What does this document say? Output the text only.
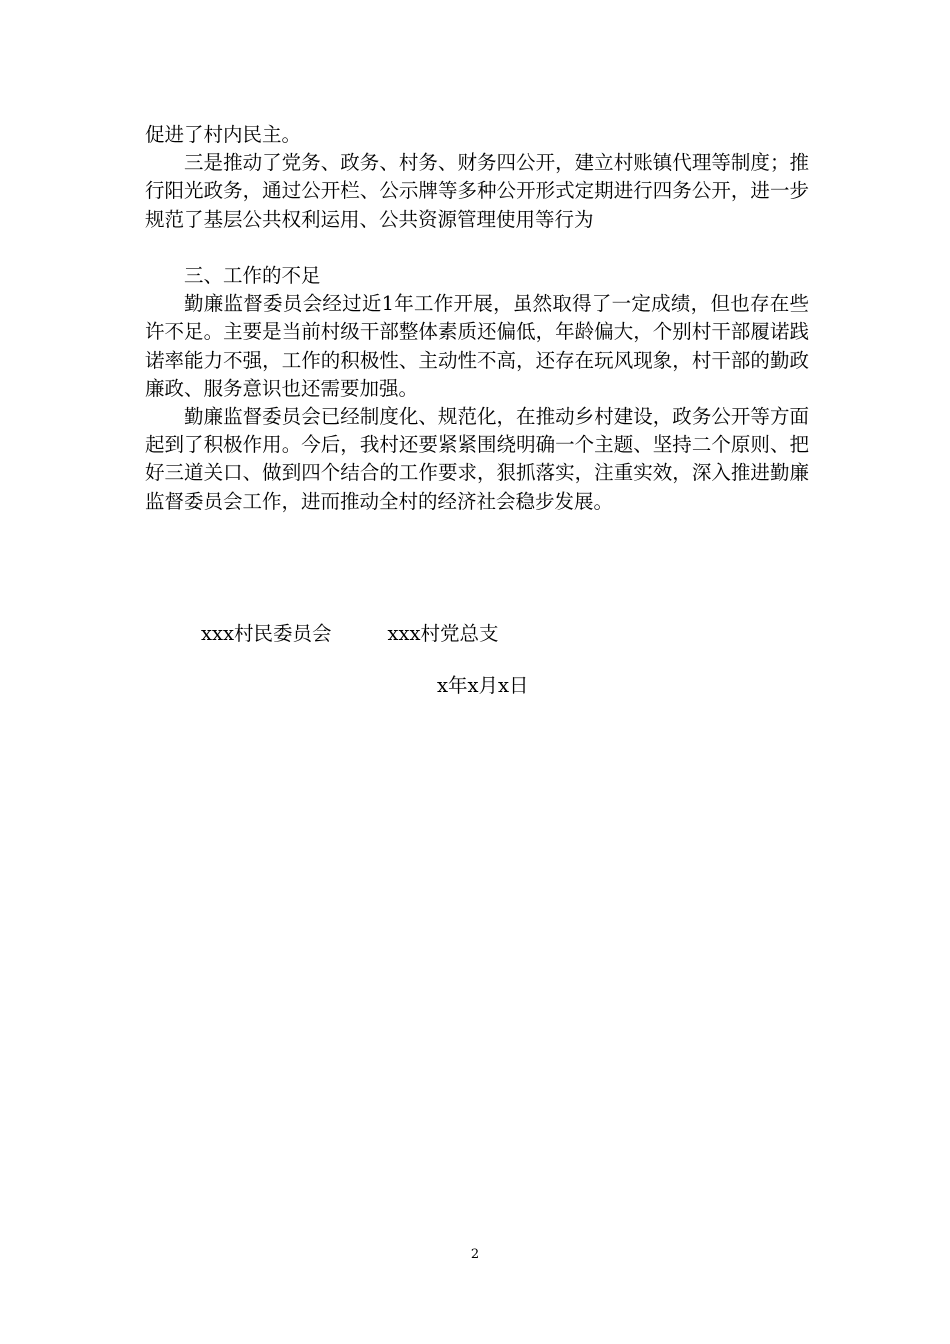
促进了村内民主。

三是推动了党务、政务、村务、财务四公开，建立村账镇代理等制度；推行阳光政务，通过公开栏、公示牌等多种公开形式定期进行四务公开，进一步规范了基层公共权利运用、公共资源管理使用等行为

三、工作的不足

勤廉监督委员会经过近1年工作开展，虽然取得了一定成绩，但也存在些许不足。主要是当前村级干部整体素质还偏低，年龄偏大，个别村干部履诺践诺率能力不强，工作的积极性、主动性不高，还存在玩风现象，村干部的勤政廉政、服务意识也还需要加强。

勤廉监督委员会已经制度化、规范化，在推动乡村建设，政务公开等方面起到了积极作用。今后，我村还要紧紧围绕明确一个主题、坚持二个原则、把好三道关口、做到四个结合的工作要求，狠抓落实，注重实效，深入推进勤廉监督委员会工作，进而推动全村的经济社会稳步发展。

xxx村民委员会	xxx村党总支
x年x月x日
2
